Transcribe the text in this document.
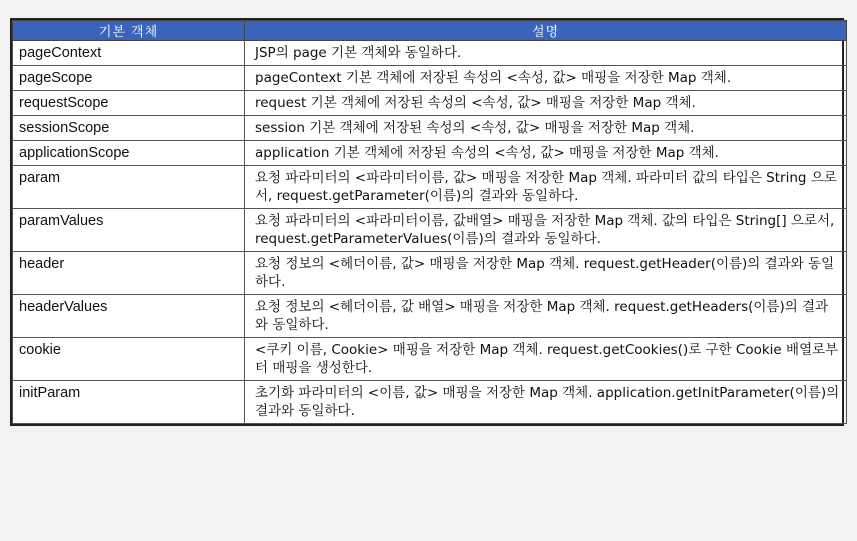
기본 객체	설명
pageContext	JSP의 page 기본 객체와 동일하다.
pageScope	pageContext 기본 객체에 저장된 속성의 <속성, 값> 매핑을 저장한 Map 객체.
requestScope	request 기본 객체에 저장된 속성의 <속성, 값> 매핑을 저장한 Map 객체.
sessionScope	session 기본 객체에 저장된 속성의 <속성, 값> 매핑을 저장한 Map 객체.
applicationScope	application 기본 객체에 저장된 속성의 <속성, 값> 매핑을 저장한 Map 객체.
param	요청 파라미터의 <파라미터이름, 값> 매핑을 저장한 Map 객체. 파라미터 값의 타입은 String 으로서, request.getParameter(이름)의 결과와 동일하다.
paramValues	요청 파라미터의 <파라미터이름, 값배열> 매핑을 저장한 Map 객체. 값의 타입은 String[] 으로서, request.getParameterValues(이름)의 결과와 동일하다.
header	요청 정보의 <헤더이름, 값> 매핑을 저장한 Map 객체. request.getHeader(이름)의 결과와 동일하다.
headerValues	요청 정보의 <헤더이름, 값 배열> 매핑을 저장한 Map 객체. request.getHeaders(이름)의 결과와 동일하다.
cookie	<쿠키 이름, Cookie> 매핑을 저장한 Map 객체. request.getCookies()로 구한 Cookie 배열로부터 매핑을 생성한다.
initParam	초기화 파라미터의 <이름, 값> 매핑을 저장한 Map 객체. application.getInitParameter(이름)의 결과와 동일하다.
